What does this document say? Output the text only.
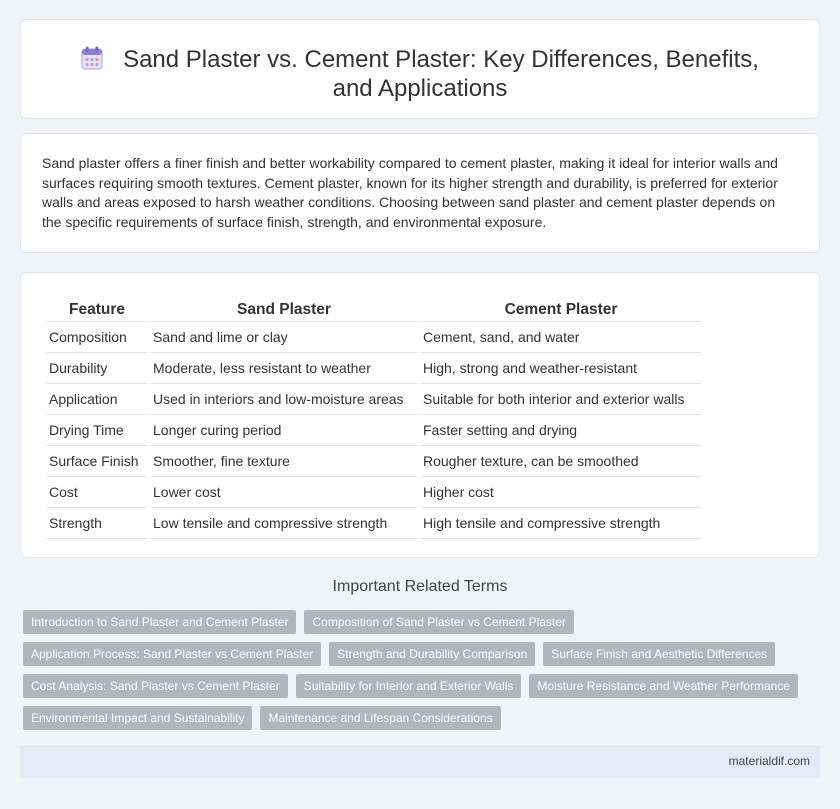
Sand Plaster vs. Cement Plaster: Key Differences, Benefits, and Applications

Sand plaster offers a finer finish and better workability compared to cement plaster, making it ideal for interior walls and surfaces requiring smooth textures. Cement plaster, known for its higher strength and durability, is preferred for exterior walls and areas exposed to harsh weather conditions. Choosing between sand plaster and cement plaster depends on the specific requirements of surface finish, strength, and environmental exposure.

Feature	Sand Plaster	Cement Plaster
Composition	Sand and lime or clay	Cement, sand, and water
Durability	Moderate, less resistant to weather	High, strong and weather-resistant
Application	Used in interiors and low-moisture areas	Suitable for both interior and exterior walls
Drying Time	Longer curing period	Faster setting and drying
Surface Finish	Smoother, fine texture	Rougher texture, can be smoothed
Cost	Lower cost	Higher cost
Strength	Low tensile and compressive strength	High tensile and compressive strength
Important Related Terms
Introduction to Sand Plaster and Cement Plaster	Composition of Sand Plaster vs Cement Plaster
Application Process: Sand Plaster vs Cement Plaster	Strength and Durability Comparison	Surface Finish and Aesthetic Differences
Cost Analysis: Sand Plaster vs Cement Plaster	Suitability for Interior and Exterior Walls	Moisture Resistance and Weather Performance
Environmental Impact and Sustainability	Maintenance and Lifespan Considerations
materialdif.com
